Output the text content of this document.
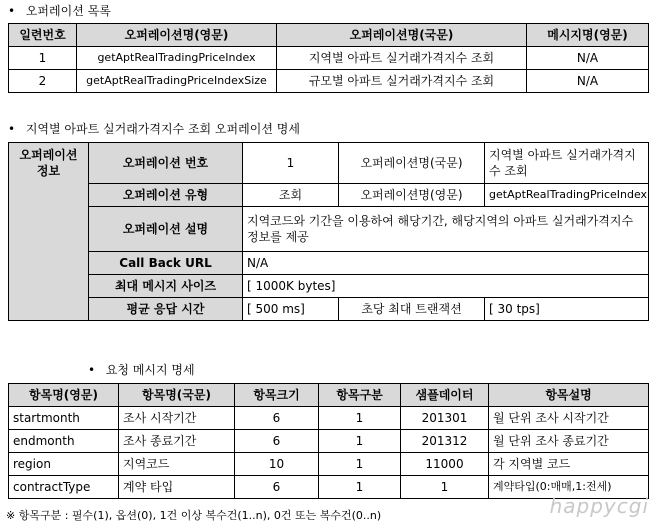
• 오퍼레이션 목록
일련번호	오퍼레이션명(영문)	오퍼레이션명(국문)	메시지명(영문)
1	getAptRealTradingPriceIndex	지역별 아파트 실거래가격지수 조회	N/A
2	getAptRealTradingPriceIndexSize	규모별 아파트 실거래가격지수 조회	N/A
• 지역별 아파트 실거래가격지수 조회 오퍼레이션 명세
오퍼레이션 정보	오퍼레이션 번호	1	오퍼레이션명(국문)	지역별 아파트 실거래가격지수 조회
	오퍼레이션 유형	조회	오퍼레이션명(영문)	getAptRealTradingPriceIndex
	오퍼레이션 설명	지역코드와 기간을 이용하여 해당기간, 해당지역의 아파트 실거래가격지수 정보를 제공		
	Call Back URL	N/A		
	최대 메시지 사이즈	[ 1000K bytes]		
	평균 응답 시간	[ 500 ms]	초당 최대 트랜잭션	[ 30 tps]
• 요청 메시지 명세
항목명(영문)	항목명(국문)	항목크기	항목구분	샘플데이터	항목설명
startmonth	조사 시작기간	6	1	201301	월 단위 조사 시작기간
endmonth	조사 종료기간	6	1	201312	월 단위 조사 종료기간
region	지역코드	10	1	11000	각 지역별 코드
contractType	계약 타입	6	1	1	계약타입(0:매매,1:전세)
※ 항목구분 : 필수(1), 옵션(0), 1건 이상 복수건(1..n), 0건 또는 복수건(0..n)	happycgi
